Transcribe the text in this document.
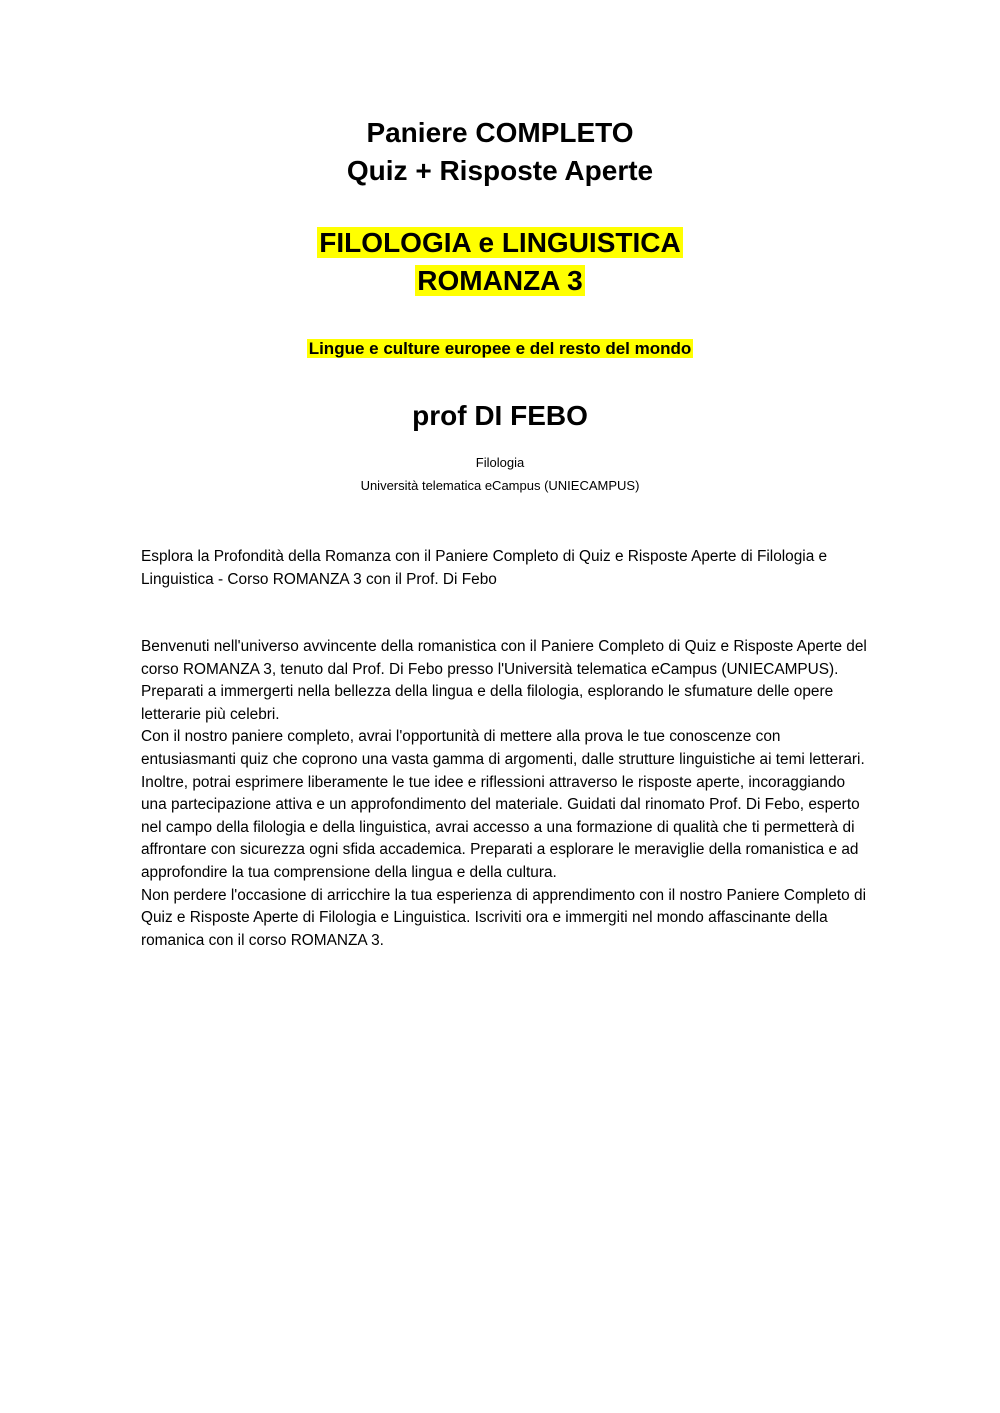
Paniere COMPLETO
Quiz + Risposte Aperte
FILOLOGIA e LINGUISTICA
ROMANZA 3
Lingue e culture europee e del resto del mondo
prof DI FEBO
Filologia
Università telematica eCampus (UNIECAMPUS)

Esplora la Profondità della Romanza con il Paniere Completo di Quiz e Risposte Aperte di Filologia e Linguistica - Corso ROMANZA 3 con il Prof. Di Febo

Benvenuti nell'universo avvincente della romanistica con il Paniere Completo di Quiz e Risposte Aperte del corso ROMANZA 3, tenuto dal Prof. Di Febo presso l'Università telematica eCampus (UNIECAMPUS). Preparati a immergerti nella bellezza della lingua e della filologia, esplorando le sfumature delle opere letterarie più celebri.

Con il nostro paniere completo, avrai l'opportunità di mettere alla prova le tue conoscenze con entusiasmanti quiz che coprono una vasta gamma di argomenti, dalle strutture linguistiche ai temi letterari. Inoltre, potrai esprimere liberamente le tue idee e riflessioni attraverso le risposte aperte, incoraggiando una partecipazione attiva e un approfondimento del materiale. Guidati dal rinomato Prof. Di Febo, esperto nel campo della filologia e della linguistica, avrai accesso a una formazione di qualità che ti permetterà di affrontare con sicurezza ogni sfida accademica. Preparati a esplorare le meraviglie della romanistica e ad approfondire la tua comprensione della lingua e della cultura.

Non perdere l'occasione di arricchire la tua esperienza di apprendimento con il nostro Paniere Completo di Quiz e Risposte Aperte di Filologia e Linguistica. Iscriviti ora e immergiti nel mondo affascinante della romanica con il corso ROMANZA 3.
